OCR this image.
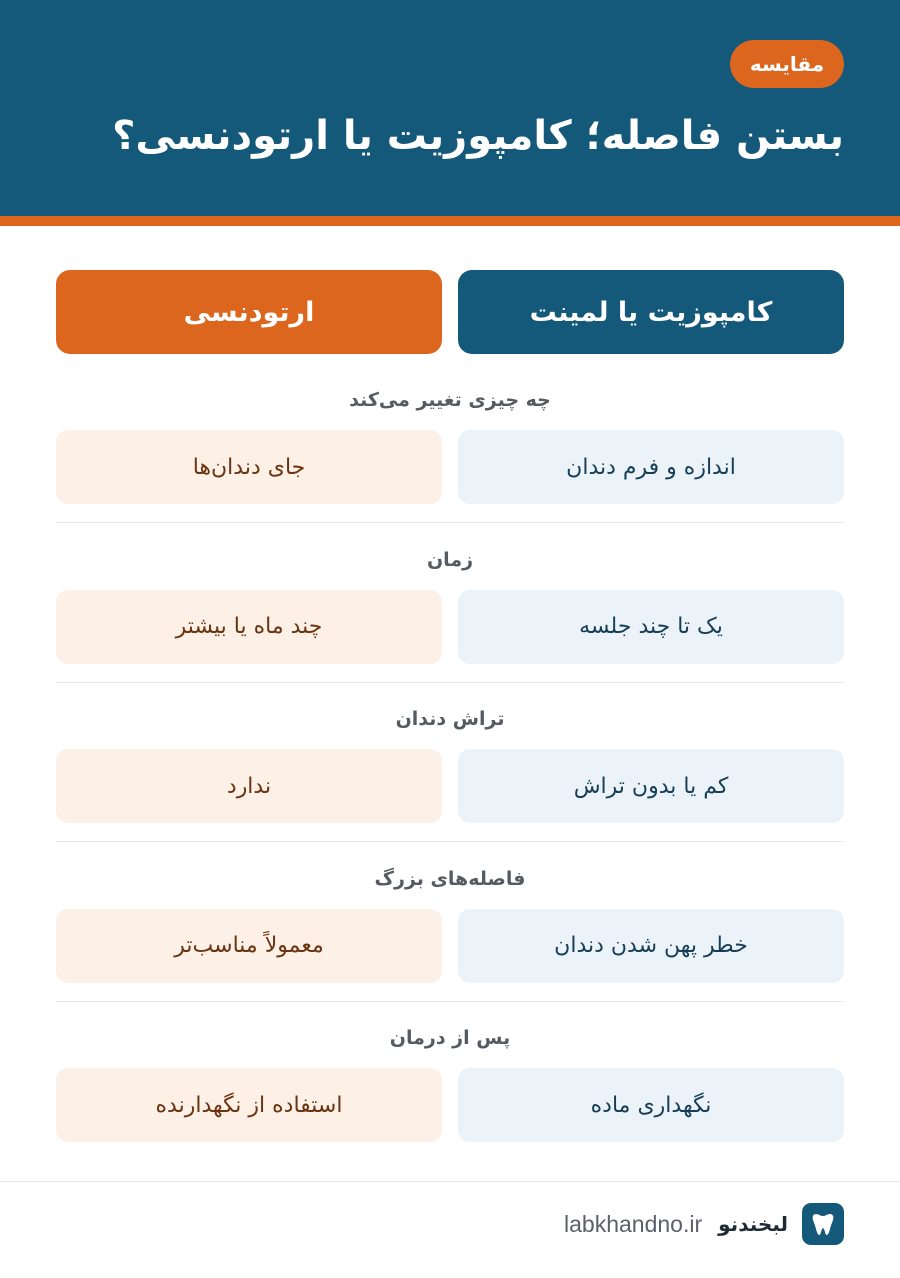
مقایسه
بستن فاصله؛ کامپوزیت یا ارتودنسی؟
کامپوزیت یا لمینت
ارتودنسی
چه چیزی تغییر می‌کند
اندازه و فرم دندان
جای دندان‌ها
زمان
یک تا چند جلسه
چند ماه یا بیشتر
تراش دندان
کم یا بدون تراش
ندارد
فاصله‌های بزرگ
خطر پهن شدن دندان
معمولاً مناسب‌تر
پس از درمان
نگهداری ماده
استفاده از نگهدارنده
labkhandno.ir لبخندنو
